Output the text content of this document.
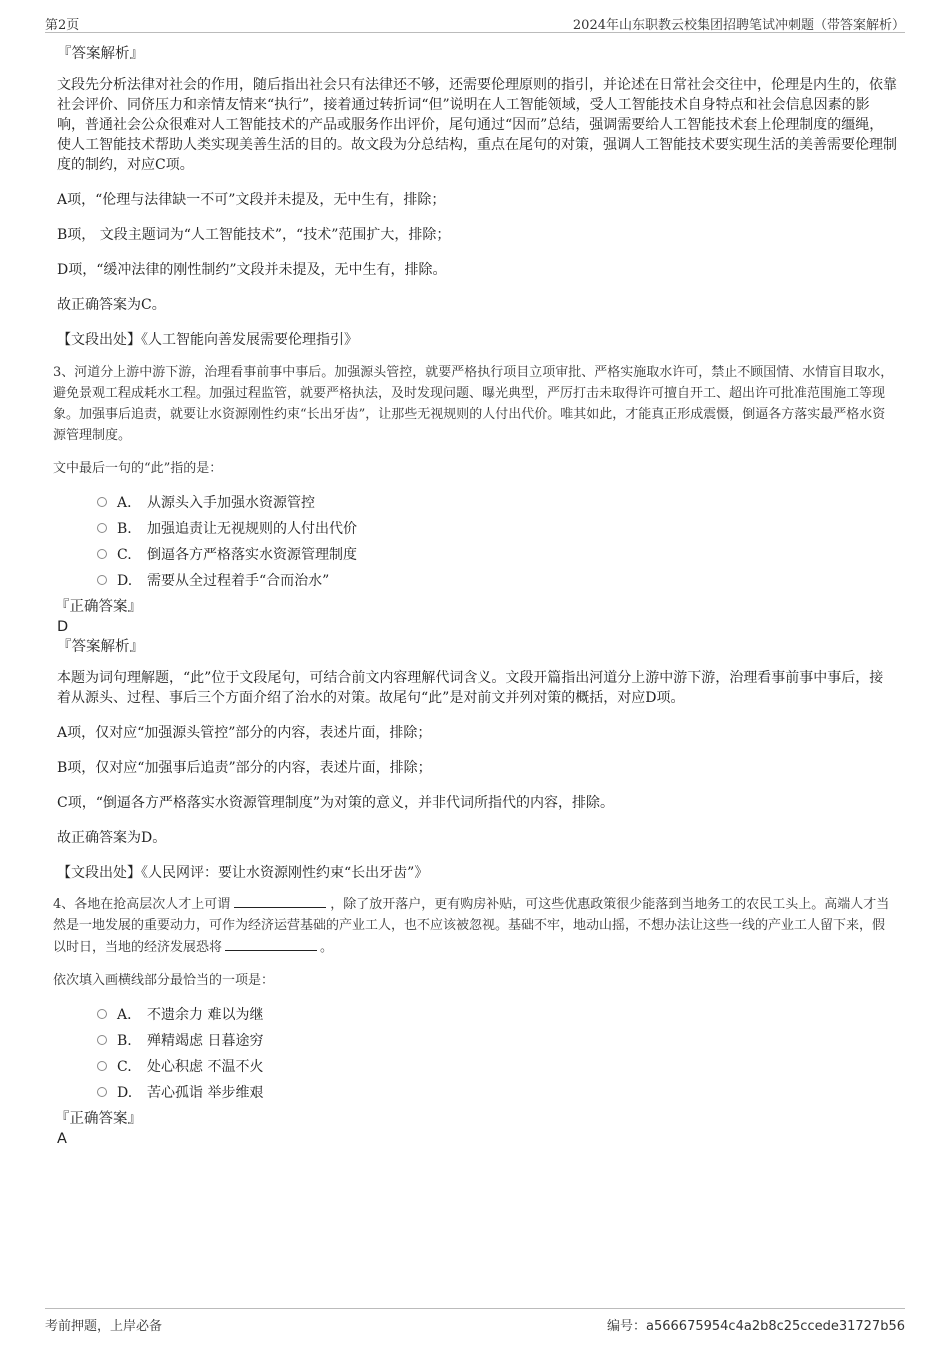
第2页	2024年山东职教云校集团招聘笔试冲刺题（带答案解析）

『答案解析』

文段先分析法律对社会的作用，随后指出社会只有法律还不够，还需要伦理原则的指引，并论述在日常社会交往中，伦理是内生的，依靠社会评价、同侪压力和亲情友情来“执行”，接着通过转折词“但”说明在人工智能领域，受人工智能技术自身特点和社会信息因素的影响，普通社会公众很难对人工智能技术的产品或服务作出评价，尾句通过“因而”总结，强调需要给人工智能技术套上伦理制度的缰绳，使人工智能技术帮助人类实现美善生活的目的。故文段为分总结构，重点在尾句的对策，强调人工智能技术要实现生活的美善需要伦理制度的制约，对应C项。

A项，“伦理与法律缺一不可”文段并未提及，无中生有，排除；

B项， 文段主题词为“人工智能技术”，“技术”范围扩大，排除；

D项，“缓冲法律的刚性制约”文段并未提及，无中生有，排除。

故正确答案为C。

【文段出处】《人工智能向善发展需要伦理指引》

3、河道分上游中游下游，治理看事前事中事后。加强源头管控，就要严格执行项目立项审批、严格实施取水许可，禁止不顾国情、水情盲目取水，避免景观工程成耗水工程。加强过程监管，就要严格执法，及时发现问题、曝光典型，严厉打击未取得许可擅自开工、超出许可批准范围施工等现象。加强事后追责，就要让水资源刚性约束“长出牙齿”，让那些无视规则的人付出代价。唯其如此，才能真正形成震慑，倒逼各方落实最严格水资源管理制度。

文中最后一句的“此”指的是：

A． 从源头入手加强水资源管控
B. 加强追责让无视规则的人付出代价
C. 倒逼各方严格落实水资源管理制度
D. 需要从全过程着手“合而治水”

『正确答案』

D

『答案解析』

本题为词句理解题，“此”位于文段尾句，可结合前文内容理解代词含义。文段开篇指出河道分上游中游下游，治理看事前事中事后，接着从源头、过程、事后三个方面介绍了治水的对策。故尾句“此”是对前文并列对策的概括，对应D项。

A项，仅对应“加强源头管控”部分的内容，表述片面，排除；

B项，仅对应“加强事后追责”部分的内容，表述片面，排除；

C项，“倒逼各方严格落实水资源管理制度”为对策的意义，并非代词所指代的内容，排除。

故正确答案为D。

【文段出处】《人民网评：要让水资源刚性约束“长出牙齿”》

4、各地在抢高层次人才上可谓	，除了放开落户，更有购房补贴，可这些优惠政策很少能落到当地务工的农民工头上。高端人才当然是一地发展的重要动力，可作为经济运营基础的产业工人，也不应该被忽视。基础不牢，地动山摇，不想办法让这些一线的产业工人留下来，假以时日，当地的经济发展恐将	。

依次填入画横线部分最恰当的一项是：

A． 不遗余力 难以为继
B. 殚精竭虑 日暮途穷
C. 处心积虑 不温不火
D. 苦心孤诣 举步维艰

『正确答案』

A

考前押题，上岸必备	编号：a566675954c4a2b8c25ccede31727b56
